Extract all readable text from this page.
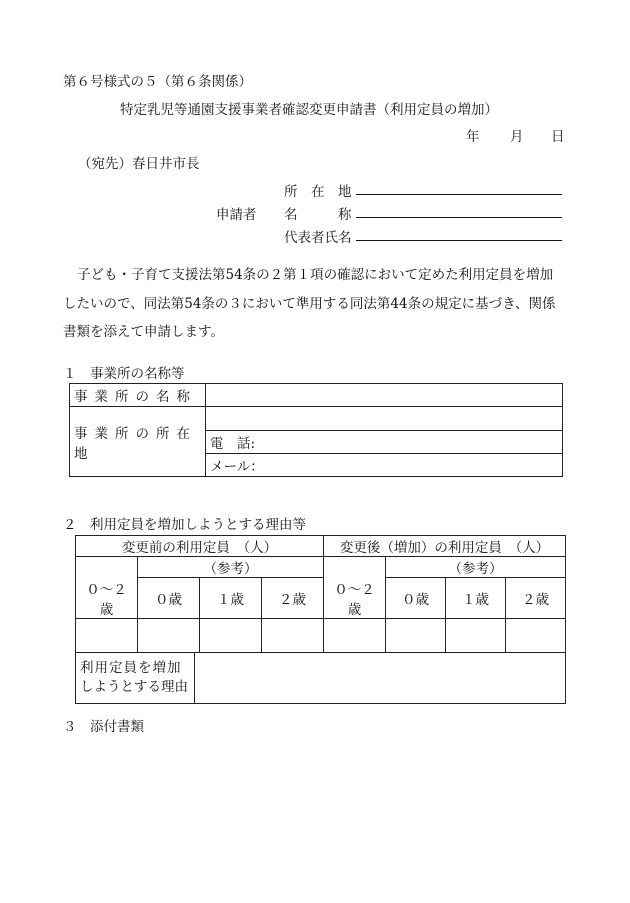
第６号様式の５（第６条関係）
特定乳児等通園支援事業者確認変更申請書（利用定員の増加）
年 月 日
（宛先）春日井市長
申請者
所　在　地
名　　　称
代表者氏名
子ども・子育て支援法第54条の２第１項の確認において定めた利用定員を増加
したいので、同法第54条の３において準用する同法第44条の規定に基づき、関係
書類を添えて申請します。
１　事業所の名称等
事業所の名称	
事業所の所在地	
	電　話:
	メール：
２　利用定員を増加しようとする理由等
変更前の利用定員　（人）				変更後（増加）の利用定員　（人）			
	（参考）				（参考）		
０～２歳	０歳	１歳	２歳	０～２歳	０歳	１歳	２歳

利用定員を増加
しようとする理由							
３　添付書類
